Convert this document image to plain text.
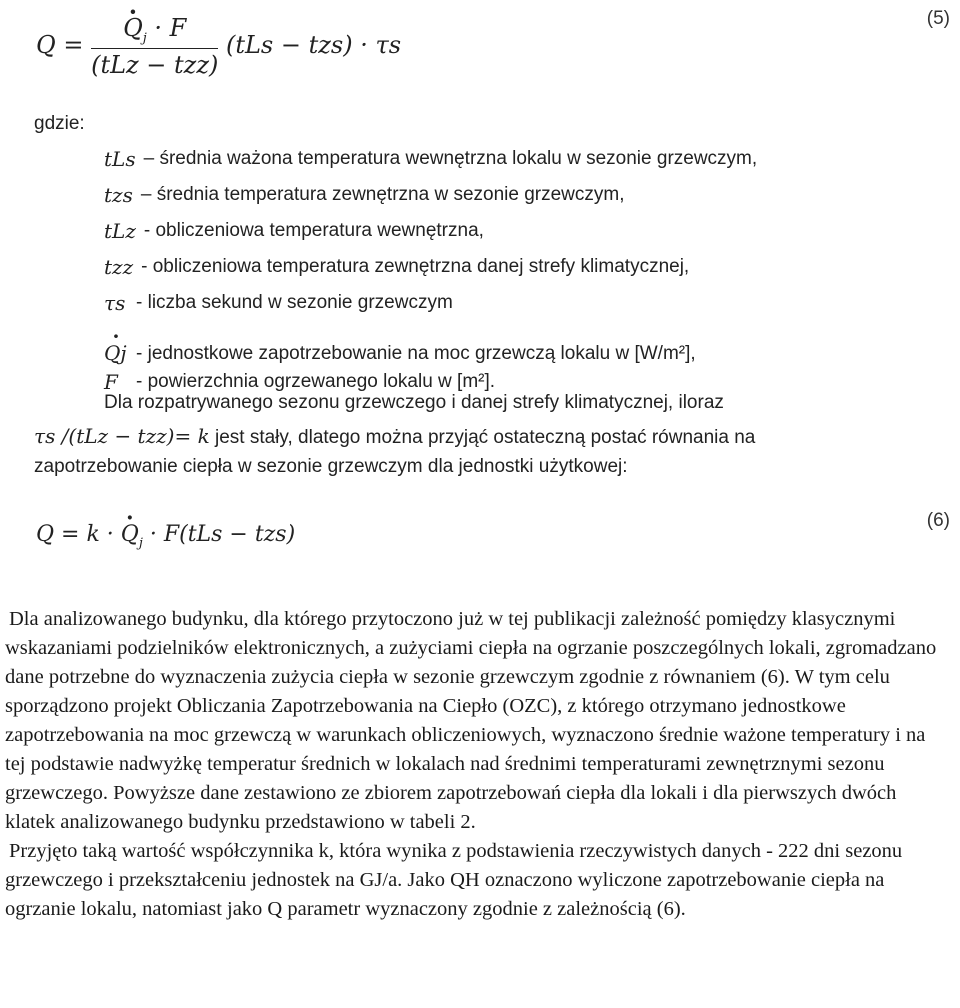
Q = · $\frac{Q_j \cdot F}{\text{(tLz − tzz)}} (tLs - tzs) \cdot \tau s$
(5)
gdzie:
tLs – średnia ważona temperatura wewnętrzna lokalu w sezonie grzewczym,
tzs – średnia temperatura zewnętrzna w sezonie grzewczym,
tLz - obliczeniowa temperatura wewnętrzna,
tzz - obliczeniowa temperatura zewnętrzna danej strefy klimatycznej,
τs - liczba sekund w sezonie grzewczym
· Qj - jednostkowe zapotrzebowanie na moc grzewczą lokalu w [W/m²],
F - powierzchnia ogrzewanego lokalu w [m²].
Dla rozpatrywanego sezonu grzewczego i danej strefy klimatycznej, iloraz
τs /(tLz − tzz)= k jest stały, dlatego można przyjąć ostateczną postać równania na
zapotrzebowanie ciepła w sezonie grzewczym dla jednostki użytkowej:
Q = k · · $Q_j \cdot F(tLs - tzs)$
(6)

Dla analizowanego budynku, dla którego przytoczono już w tej publikacji zależność pomiędzy klasycznymi wskazaniami podzielników elektronicznych, a zużyciami ciepła na ogrzanie poszczególnych lokali, zgromadzano dane potrzebne do wyznaczenia zużycia ciepła w sezonie grzewczym zgodnie z równaniem (6). W tym celu sporządzono projekt Obliczania Zapotrzebowania na Ciepło (OZC), z którego otrzymano jednostkowe zapotrzebowania na moc grzewczą w warunkach obliczeniowych, wyznaczono średnie ważone temperatury i na tej podstawie nadwyżkę temperatur średnich w lokalach nad średnimi temperaturami zewnętrznymi sezonu grzewczego. Powyższe dane zestawiono ze zbiorem zapotrzebowań ciepła dla lokali i dla pierwszych dwóch klatek analizowanego budynku przedstawiono w tabeli 2.

Przyjęto taką wartość współczynnika k, która wynika z podstawienia rzeczywistych danych - 222 dni sezonu grzewczego i przekształceniu jednostek na GJ/a. Jako QH oznaczono wyliczone zapotrzebowanie ciepła na ogrzanie lokalu, natomiast jako Q parametr wyznaczony zgodnie z zależnością (6).
